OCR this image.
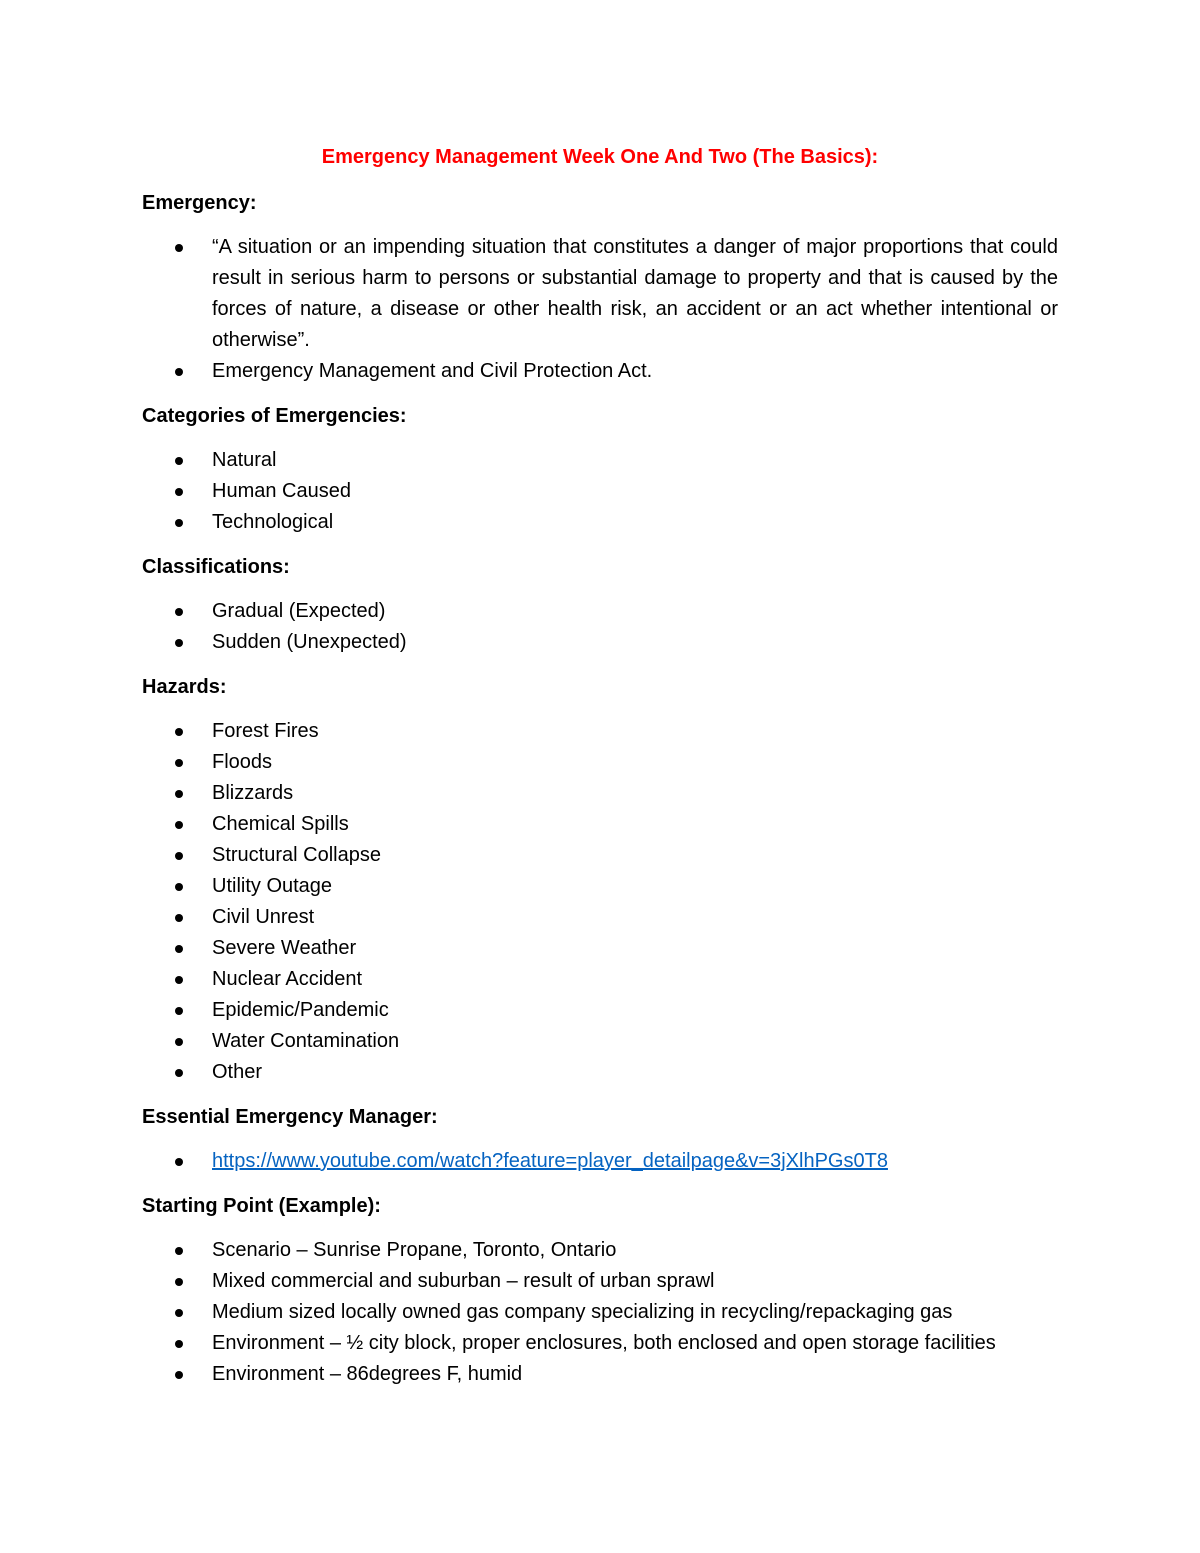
Emergency Management Week One And Two (The Basics):

Emergency:

“A situation or an impending situation that constitutes a danger of major proportions that could result in serious harm to persons or substantial damage to property and that is caused by the forces of nature, a disease or other health risk, an accident or an act whether intentional or otherwise”.
Emergency Management and Civil Protection Act.

Categories of Emergencies:

Natural
Human Caused
Technological

Classifications:

Gradual (Expected)
Sudden (Unexpected)

Hazards:

Forest Fires
Floods
Blizzards
Chemical Spills
Structural Collapse
Utility Outage
Civil Unrest
Severe Weather
Nuclear Accident
Epidemic/Pandemic
Water Contamination
Other

Essential Emergency Manager:

https://www.youtube.com/watch?feature=player_detailpage&v=3jXlhPGs0T8

Starting Point (Example):

Scenario – Sunrise Propane, Toronto, Ontario
Mixed commercial and suburban – result of urban sprawl
Medium sized locally owned gas company specializing in recycling/repackaging gas
Environment – ½ city block, proper enclosures, both enclosed and open storage facilities
Environment – 86degrees F, humid
